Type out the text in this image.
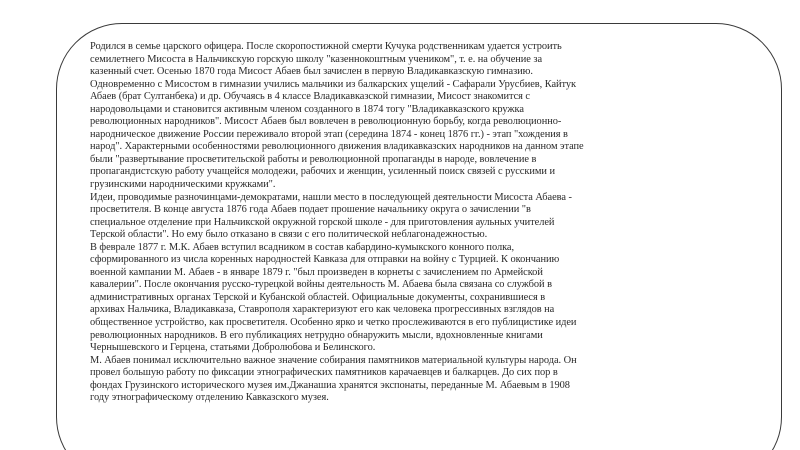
Родился в семье царского офицера. После скоропостижной смерти Кучука родственникам удается устроить
семилетнего Мисоста в Нальчикскую горскую школу "казеннокоштным учеником", т. е. на обучение за
казенный счет. Осенью 1870 года Мисост Абаев был зачислен в первую Владикавказскую гимназию.
Одновременно с Мисостом в гимназии учились мальчики из балкарских ущелий - Сафарали Урусбиев, Кайтук
Абаев (брат Султанбека) и др. Обучаясь в 4 классе Владикавказской гимназии, Мисост знакомится с
народовольцами и становится активным членом созданного в 1874 тогу "Владикавказского кружка
революционных народников". Мисост Абаев был вовлечен в революционную борьбу, когда революционно-
народническое движение России переживало второй этап (середина 1874 - конец 1876 гг.) - этап "хождения в
народ". Характерными особенностями революционного движения владикавказских народников на данном этапе
были "развертывание просветительской работы и революционной пропаганды в народе, вовлечение в
пропагандистскую работу учащейся молодежи, рабочих и женщин, усиленный поиск связей с русскими и
грузинскими народническими кружками".
Идеи, проводимые разночинцами-демократами, нашли место в последующей деятельности Мисоста Абаева -
просветителя. В конце августа 1876 года Абаев подает прошение начальнику округа о зачислении "в
специальное отделение при Нальчикской окружной горской школе - для приготовления аульных учителей
Терской области". Но ему было отказано в связи с его политической неблагонадежностью.
В феврале 1877 г. М.К. Абаев вступил всадником в состав кабардино-кумыкского конного полка,
сформированного из числа коренных народностей Кавказа для отправки на войну с Турцией. К окончанию
военной кампании М. Абаев - в январе 1879 г. "был произведен в корнеты с зачислением по Армейской
кавалерии". После окончания русско-турецкой войны деятельность М. Абаева была связана со службой в
административных органах Терской и Кубанской областей. Официальные документы, сохранившиеся в
архивах Нальчика, Владикавказа, Ставрополя характеризуют его как человека прогрессивных взглядов на
общественное устройство, как просветителя. Особенно ярко и четко прослеживаются в его публицистике идеи
революционных народников. В его публикациях нетрудно обнаружить мысли, вдохновленные книгами
Чернышевского и Герцена, статьями Добролюбова и Белинского.
М. Абаев понимал исключительно важное значение собирания памятников материальной культуры народа. Он
провел большую работу по фиксации этнографических памятников карачаевцев и балкарцев. До сих пор в
фондах Грузинского исторического музея им.Джанашиа хранятся экспонаты, переданные М. Абаевым в 1908
году этнографическому отделению Кавказского музея.
